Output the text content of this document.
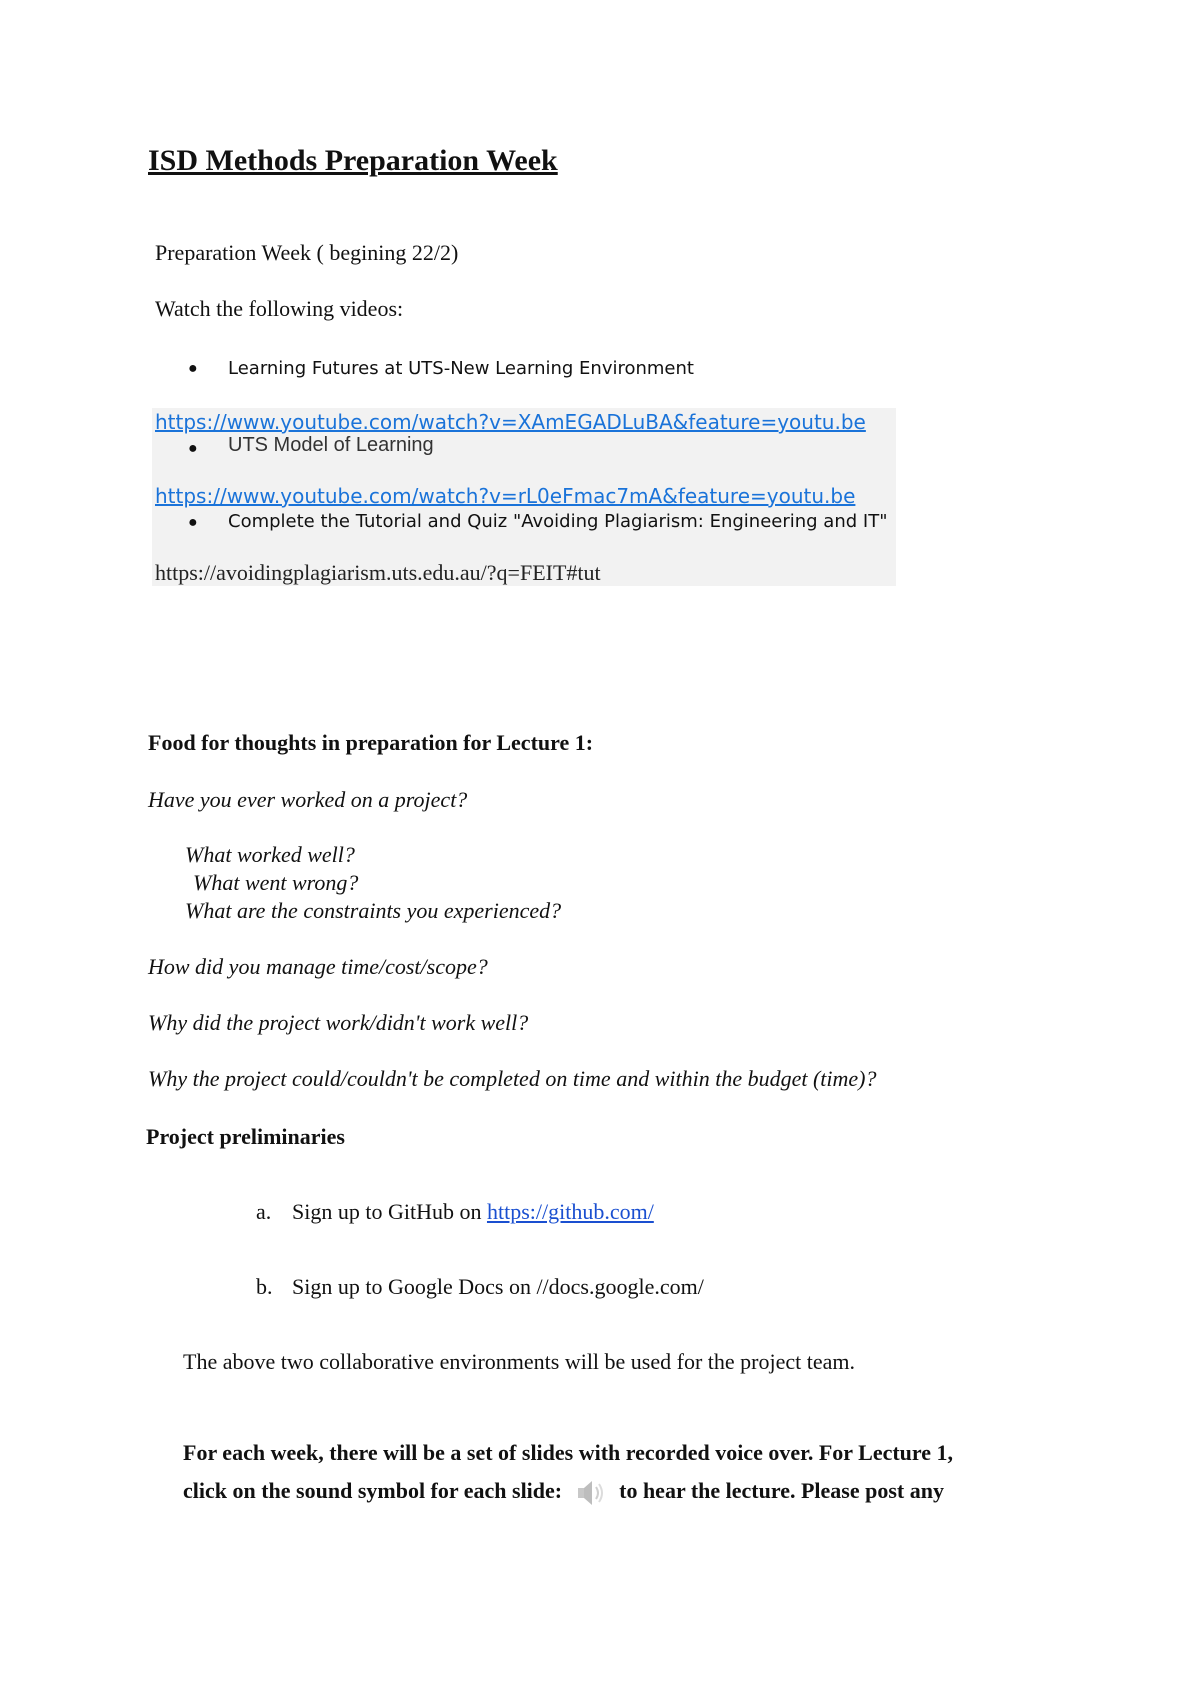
ISD Methods Preparation Week
Preparation Week ( begining 22/2)
Watch the following videos:
● Learning Futures at UTS-New Learning Environment
https://www.youtube.com/watch?v=XAmEGADLuBA&feature=youtu.be
● UTS Model of Learning
https://www.youtube.com/watch?v=rL0eFmac7mA&feature=youtu.be
● Complete the Tutorial and Quiz "Avoiding Plagiarism: Engineering and IT"
https://avoidingplagiarism.uts.edu.au/?q=FEIT#tut
Food for thoughts in preparation for Lecture 1:
Have you ever worked on a project?
What worked well?
What went wrong?
What are the constraints you experienced?
How did you manage time/cost/scope?
Why did the project work/didn't work well?
Why the project could/couldn't be completed on time and within the budget (time)?
Project preliminaries
a. Sign up to GitHub on https://github.com/
b. Sign up to Google Docs on //docs.google.com/
The above two collaborative environments will be used for the project team.
For each week, there will be a set of slides with recorded voice over. For Lecture 1,
click on the sound symbol for each slide:	to hear the lecture. Please post any
